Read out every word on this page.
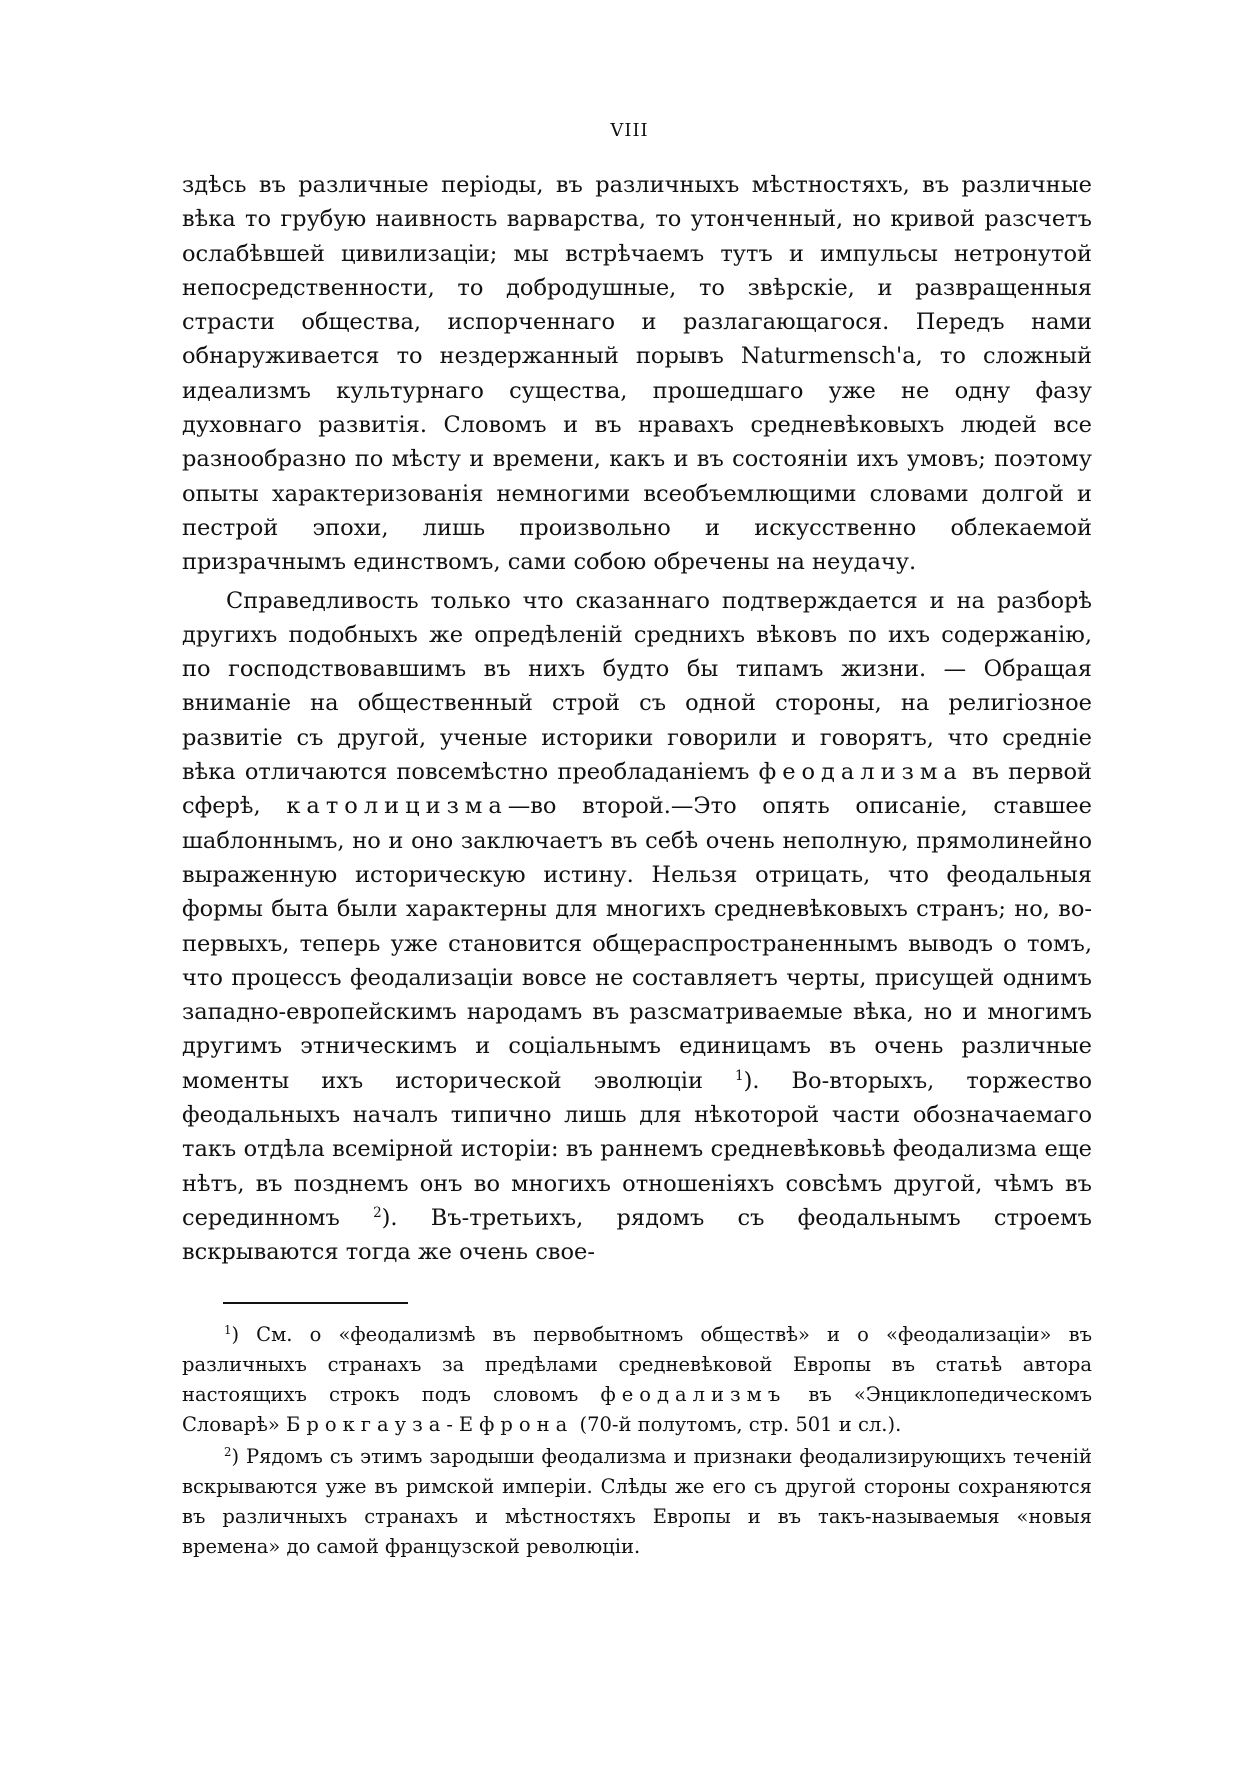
VIII

здѣсь въ различные періоды, въ различныхъ мѣстностяхъ, въ различные вѣка то грубую наивность варварства, то утонченный, но кривой разсчетъ ослабѣвшей цивилизаціи; мы встрѣчаемъ тутъ и импульсы нетронутой непосредственности, то добродушные, то звѣрскіе, и развращенныя страсти общества, испорченнаго и разлагающагося. Передъ нами обнаруживается то нездержанный порывъ Naturmensch'a, то сложный идеализмъ культурнаго существа, прошедшаго уже не одну фазу духовнаго развитія. Словомъ и въ нравахъ средневѣковыхъ людей все разнообразно по мѣсту и времени, какъ и въ состояніи ихъ умовъ; поэтому опыты характеризованія немногими всеобъемлющими словами долгой и пестрой эпохи, лишь произвольно и искусственно облекаемой призрачнымъ единствомъ, сами собою обречены на неудачу.

Справедливость только что сказаннаго подтверждается и на разборѣ другихъ подобныхъ же опредѣленій среднихъ вѣковъ по ихъ содержанію, по господствовавшимъ въ нихъ будто бы типамъ жизни. — Обращая вниманіе на общественный строй съ одной стороны, на религіозное развитіе съ другой, ученые историки говорили и говорятъ, что средніе вѣка отличаются повсемѣстно преобладаніемъ феодализма въ первой сферѣ, католицизма—во второй.—Это опять описаніе, ставшее шаблоннымъ, но и оно заключаетъ въ себѣ очень неполную, прямолинейно выраженную историческую истину. Нельзя отрицать, что феодальныя формы быта были характерны для многихъ средневѣковыхъ странъ; но, во-первыхъ, теперь уже становится общераспространеннымъ выводъ о томъ, что процессъ феодализаціи вовсе не составляетъ черты, присущей однимъ западно-европейскимъ народамъ въ разсматриваемые вѣка, но и многимъ другимъ этническимъ и соціальнымъ единицамъ въ очень различные моменты ихъ исторической эволюціи $^1$). Во-вторыхъ, торжество феодальныхъ началъ типично лишь для нѣкоторой части обозначаемаго такъ отдѣла всемірной исторіи: въ раннемъ средневѣковьѣ феодализма еще нѣтъ, въ позднемъ онъ во многихъ отношеніяхъ совсѣмъ другой, чѣмъ въ серединномъ $^2$). Въ-третьихъ, рядомъ съ феодальнымъ строемъ вскрываются тогда же очень свое-

$^1$) См. о «феодализмѣ въ первобытномъ обществѣ» и о «феодализаціи» въ различныхъ странахъ за предѣлами средневѣковой Европы въ статьѣ автора настоящихъ строкъ подъ словомъ феодализмъ въ «Энциклопедическомъ Словарѣ» Брокгауза-Ефрона (70-й полутомъ, стр. 501 и сл.).

$^2$) Рядомъ съ этимъ зародыши феодализма и признаки феодализирующихъ теченій вскрываются уже въ римской имперіи. Слѣды же его съ другой стороны сохраняются въ различныхъ странахъ и мѣстностяхъ Европы и въ такъ-называемыя «новыя времена» до самой французской революціи.
